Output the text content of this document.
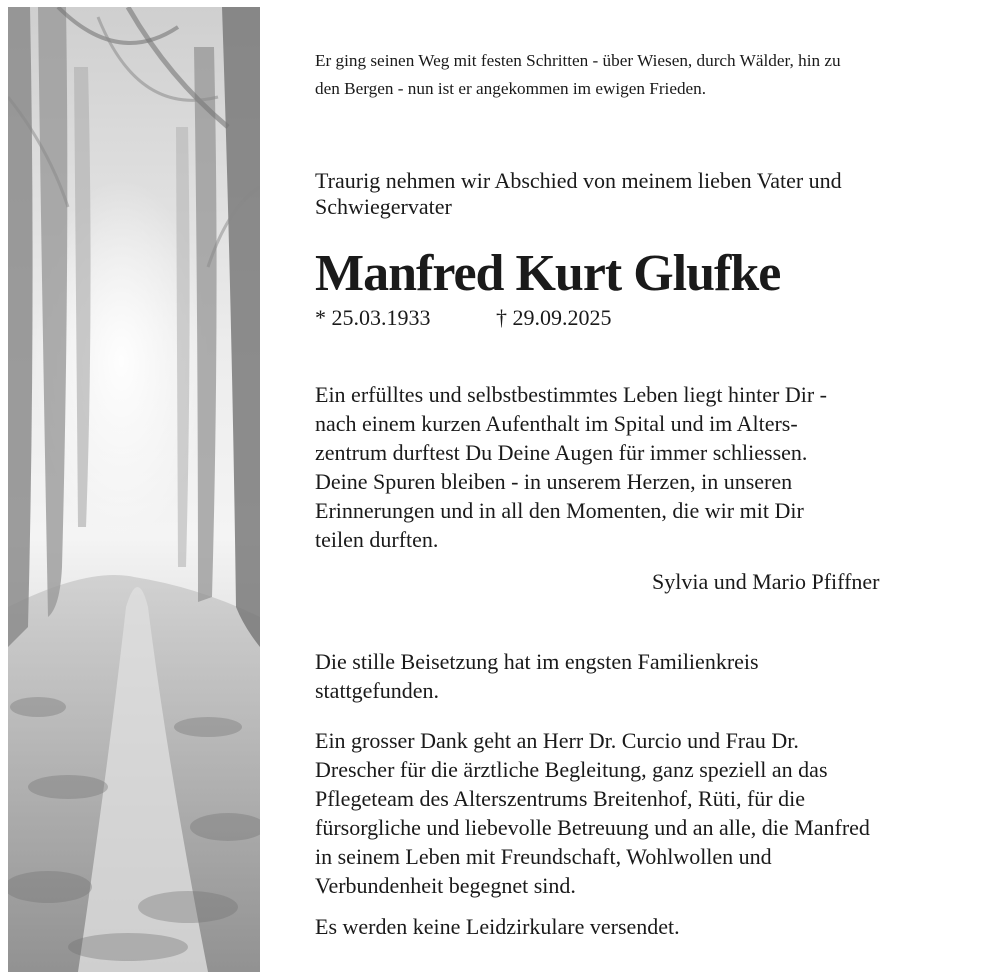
Er ging seinen Weg mit festen Schritten - über Wiesen, durch Wälder, hin zu
den Bergen - nun ist er angekommen im ewigen Frieden.
Traurig nehmen wir Abschied von meinem lieben Vater und
Schwiegervater
Manfred Kurt Glufke
* 25.03.1933	† 29.09.2025
Ein erfülltes und selbstbestimmtes Leben liegt hinter Dir -
nach einem kurzen Aufenthalt im Spital und im Alters-
zentrum durftest Du Deine Augen für immer schliessen.
Deine Spuren bleiben - in unserem Herzen, in unseren
Erinnerungen und in all den Momenten, die wir mit Dir
teilen durften.

Sylvia und Mario Pfiffner

Die stille Beisetzung hat im engsten Familienkreis
stattgefunden.
Ein grosser Dank geht an Herr Dr. Curcio und Frau Dr.
Drescher für die ärztliche Begleitung, ganz speziell an das
Pflegeteam des Alterszentrums Breitenhof, Rüti, für die
fürsorgliche und liebevolle Betreuung und an alle, die Manfred
in seinem Leben mit Freundschaft, Wohlwollen und
Verbundenheit begegnet sind.

Es werden keine Leidzirkulare versendet.
